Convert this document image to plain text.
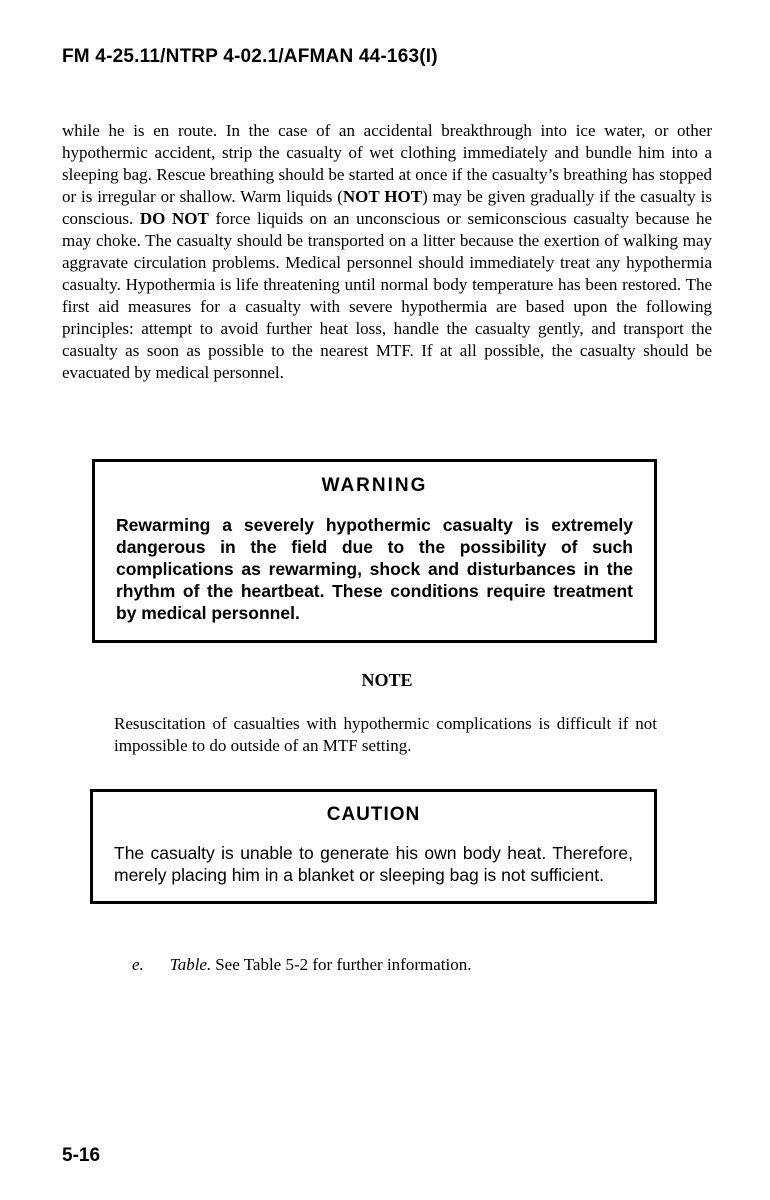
FM 4-25.11/NTRP 4-02.1/AFMAN 44-163(I)

while he is en route. In the case of an accidental breakthrough into ice water, or other hypothermic accident, strip the casualty of wet clothing immediately and bundle him into a sleeping bag. Rescue breathing should be started at once if the casualty’s breathing has stopped or is irregular or shallow. Warm liquids (NOT HOT) may be given gradually if the casualty is conscious. DO NOT force liquids on an unconscious or semiconscious casualty because he may choke. The casualty should be transported on a litter because the exertion of walking may aggravate circulation problems. Medical personnel should immediately treat any hypothermia casualty. Hypothermia is life threatening until normal body temperature has been restored. The first aid measures for a casualty with severe hypothermia are based upon the following principles: attempt to avoid further heat loss, handle the casualty gently, and transport the casualty as soon as possible to the nearest MTF. If at all possible, the casualty should be evacuated by medical personnel.

WARNING

Rewarming a severely hypothermic casualty is extremely dangerous in the field due to the possibility of such complications as rewarming, shock and disturbances in the rhythm of the heartbeat. These conditions require treatment by medical personnel.

NOTE

Resuscitation of casualties with hypothermic complications is difficult if not impossible to do outside of an MTF setting.

CAUTION

The casualty is unable to generate his own body heat. Therefore, merely placing him in a blanket or sleeping bag is not sufficient.

e. Table. See Table 5-2 for further information.

5-16
